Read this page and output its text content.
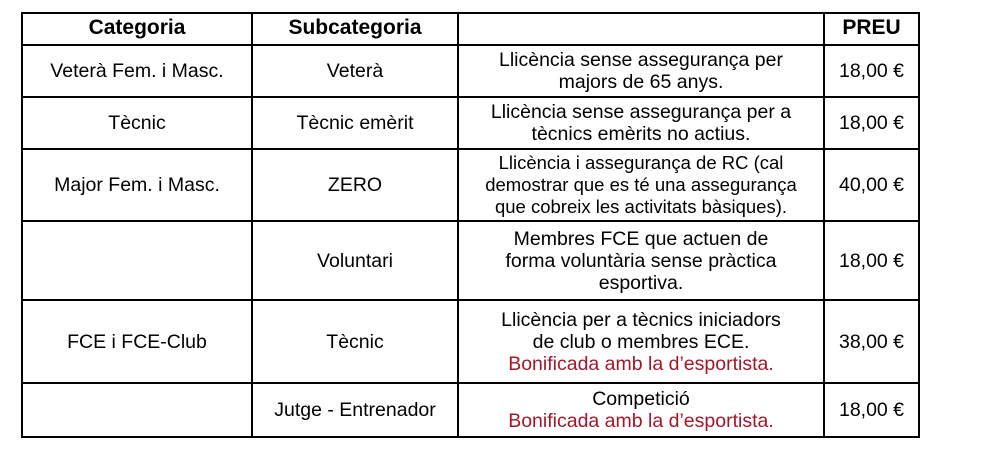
Categoria	Subcategoria		PREU
Veterà Fem. i Masc.	Veterà	Llicència sense assegurança per
majors de 65 anys.	18,00 €
Tècnic	Tècnic emèrit	Llicència sense assegurança per a
tècnics emèrits no actius.	18,00 €
Major Fem. i Masc.	ZERO	Llicència i assegurança de RC (cal
demostrar que es té una assegurança
que cobreix les activitats bàsiques).	40,00 €
	Voluntari	Membres FCE que actuen de
forma voluntària sense pràctica
esportiva.	18,00 €
FCE i FCE-Club	Tècnic	Llicència per a tècnics iniciadors
de club o membres ECE.
Bonificada amb la d’esportista.	38,00 €
	Jutge - Entrenador	Competició
Bonificada amb la d’esportista.	18,00 €
